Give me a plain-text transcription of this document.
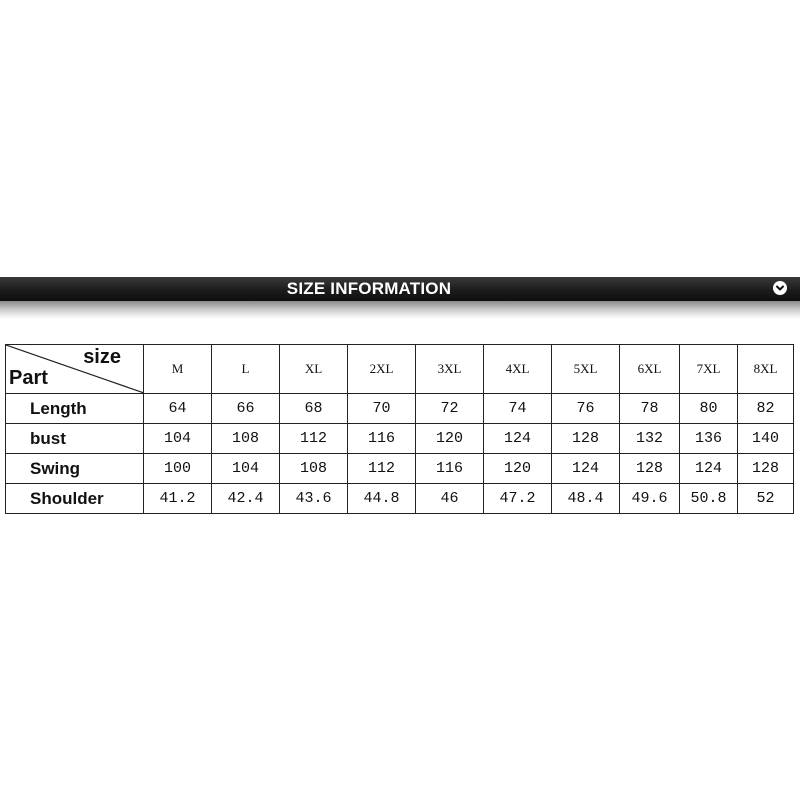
SIZE INFORMATION
Part
size	M	L	XL	2XL	3XL	4XL	5XL	6XL	7XL	8XL
Length	64	66	68	70	72	74	76	78	80	82
bust	104	108	112	116	120	124	128	132	136	140
Swing	100	104	108	112	116	120	124	128	124	128
Shoulder	41.2	42.4	43.6	44.8	46	47.2	48.4	49.6	50.8	52
